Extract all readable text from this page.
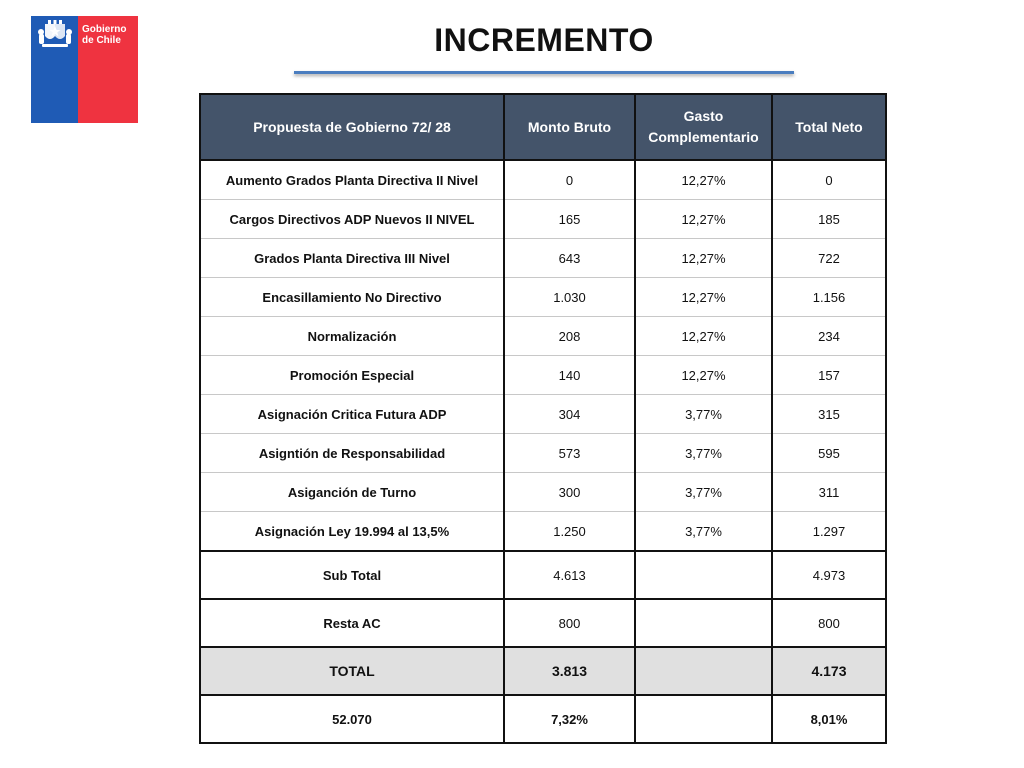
Gobierno
de Chile	INCREMENTO
Propuesta de Gobierno 72/ 28	Monto Bruto	Gasto Complementario	Total Neto
Aumento Grados Planta Directiva II Nivel	0	12,27%	0
Cargos Directivos ADP Nuevos II NIVEL	165	12,27%	185
Grados Planta Directiva III Nivel	643	12,27%	722
Encasillamiento No Directivo	1.030	12,27%	1.156
Normalización	208	12,27%	234
Promoción Especial	140	12,27%	157
Asignación Critica Futura ADP	304	3,77%	315
Asigntión de Responsabilidad	573	3,77%	595
Asiganción de Turno	300	3,77%	311
Asignación Ley 19.994 al 13,5%	1.250	3,77%	1.297
Sub Total	4.613		4.973
Resta AC	800		800
TOTAL	3.813		4.173
52.070	7,32%		8,01%
